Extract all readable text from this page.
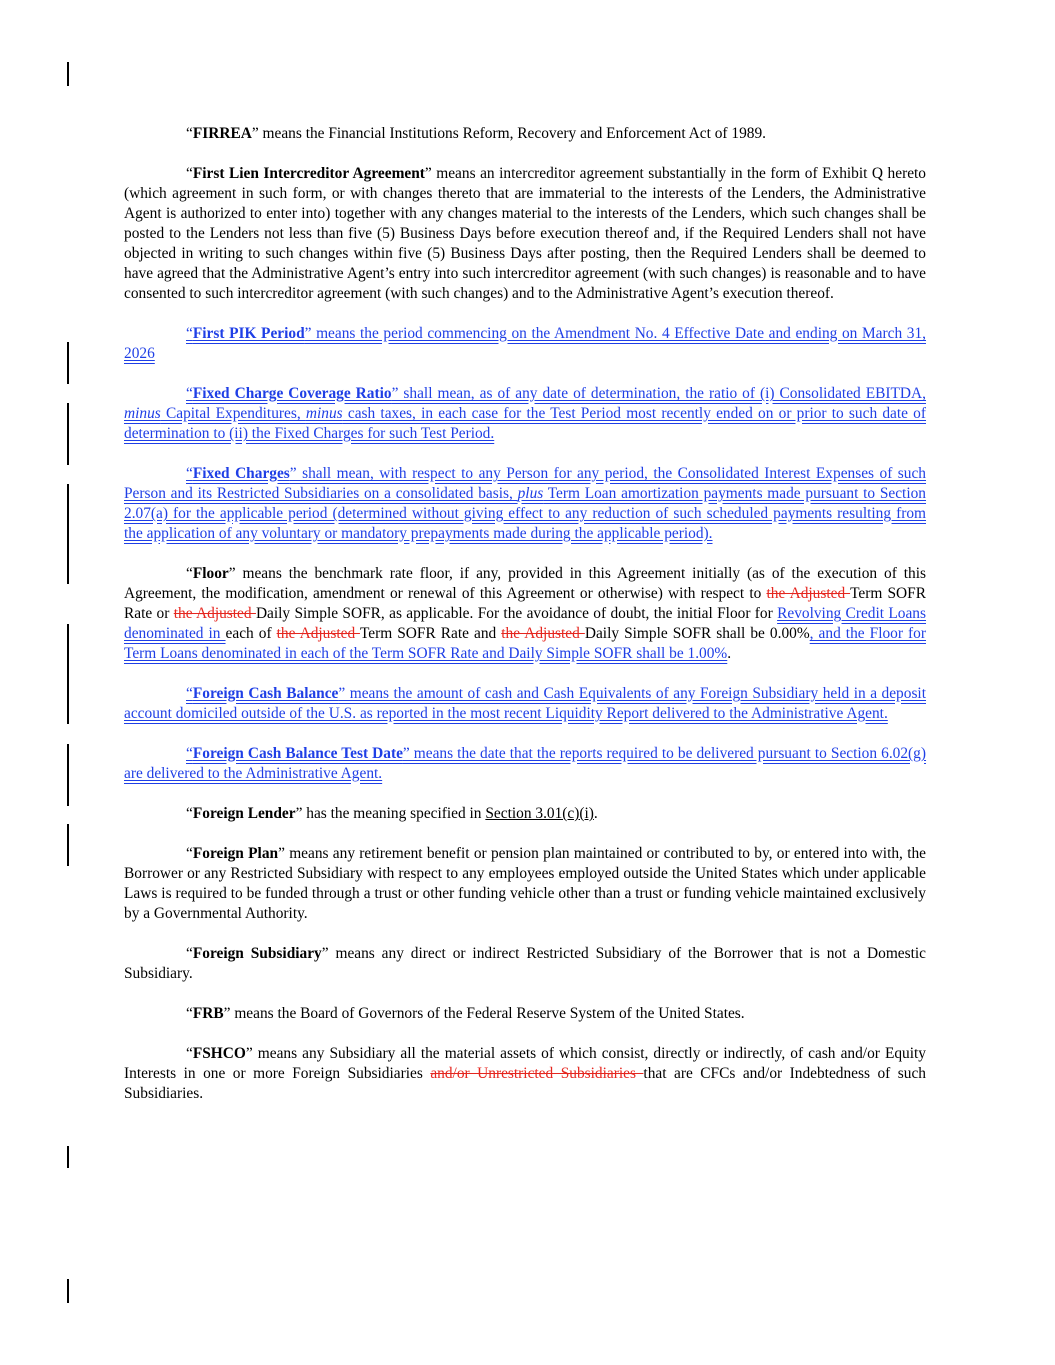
“FIRREA” means the Financial Institutions Reform, Recovery and Enforcement Act of 1989.

“First Lien Intercreditor Agreement” means an intercreditor agreement substantially in the form of Exhibit Q hereto (which agreement in such form, or with changes thereto that are immaterial to the interests of the Lenders, the Administrative Agent is authorized to enter into) together with any changes material to the interests of the Lenders, which such changes shall be posted to the Lenders not less than five (5) Business Days before execution thereof and, if the Required Lenders shall not have objected in writing to such changes within five (5) Business Days after posting, then the Required Lenders shall be deemed to have agreed that the Administrative Agent’s entry into such intercreditor agreement (with such changes) is reasonable and to have consented to such intercreditor agreement (with such changes) and to the Administrative Agent’s execution thereof.

“First PIK Period” means the period commencing on the Amendment No. 4 Effective Date and ending on March 31, 2026

“Fixed Charge Coverage Ratio” shall mean, as of any date of determination, the ratio of (i) Consolidated EBITDA, minus Capital Expenditures, minus cash taxes, in each case for the Test Period most recently ended on or prior to such date of determination to (ii) the Fixed Charges for such Test Period.

“Fixed Charges” shall mean, with respect to any Person for any period, the Consolidated Interest Expenses of such Person and its Restricted Subsidiaries on a consolidated basis, plus Term Loan amortization payments made pursuant to Section 2.07(a) for the applicable period (determined without giving effect to any reduction of such scheduled payments resulting from the application of any voluntary or mandatory prepayments made during the applicable period).

“Floor” means the benchmark rate floor, if any, provided in this Agreement initially (as of the execution of this Agreement, the modification, amendment or renewal of this Agreement or otherwise) with respect to the Adjusted Term SOFR Rate or the Adjusted Daily Simple SOFR, as applicable. For the avoidance of doubt, the initial Floor for Revolving Credit Loans denominated in each of the Adjusted Term SOFR Rate and the Adjusted Daily Simple SOFR shall be 0.00%, and the Floor for Term Loans denominated in each of the Term SOFR Rate and Daily Simple SOFR shall be 1.00%.

“Foreign Cash Balance” means the amount of cash and Cash Equivalents of any Foreign Subsidiary held in a deposit account domiciled outside of the U.S. as reported in the most recent Liquidity Report delivered to the Administrative Agent.

“Foreign Cash Balance Test Date” means the date that the reports required to be delivered pursuant to Section 6.02(g) are delivered to the Administrative Agent.

“Foreign Lender” has the meaning specified in Section 3.01(c)(i).

“Foreign Plan” means any retirement benefit or pension plan maintained or contributed to by, or entered into with, the Borrower or any Restricted Subsidiary with respect to any employees employed outside the United States which under applicable Laws is required to be funded through a trust or other funding vehicle other than a trust or funding vehicle maintained exclusively by a Governmental Authority.

“Foreign Subsidiary” means any direct or indirect Restricted Subsidiary of the Borrower that is not a Domestic Subsidiary.

“FRB” means the Board of Governors of the Federal Reserve System of the United States.

“FSHCO” means any Subsidiary all the material assets of which consist, directly or indirectly, of cash and/or Equity Interests in one or more Foreign Subsidiaries and/or Unrestricted Subsidiaries that are CFCs and/or Indebtedness of such Subsidiaries.
